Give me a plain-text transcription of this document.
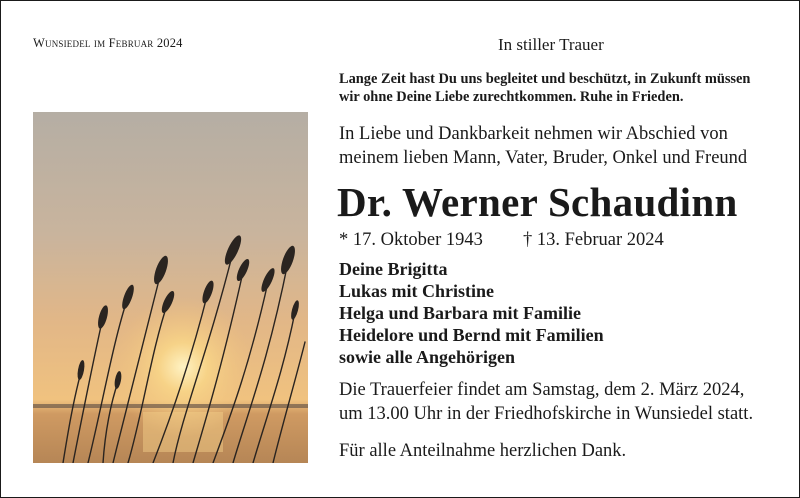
Wunsiedel im Februar 2024	In stiller Trauer

Lange Zeit hast Du uns begleitet und beschützt, in Zukunft müssen
wir ohne Deine Liebe zurechtkommen. Ruhe in Frieden.

In Liebe und Dankbarkeit nehmen wir Abschied von
meinem lieben Mann, Vater, Bruder, Onkel und Freund

Dr. Werner Schaudinn
* 17. Oktober 1943 † 13. Februar 2024
Deine Brigitta
Lukas mit Christine
Helga und Barbara mit Familie
Heidelore und Bernd mit Familien
sowie alle Angehörigen

Die Trauerfeier findet am Samstag, dem 2. März 2024,
um 13.00 Uhr in der Friedhofskirche in Wunsiedel statt.

Für alle Anteilnahme herzlichen Dank.
